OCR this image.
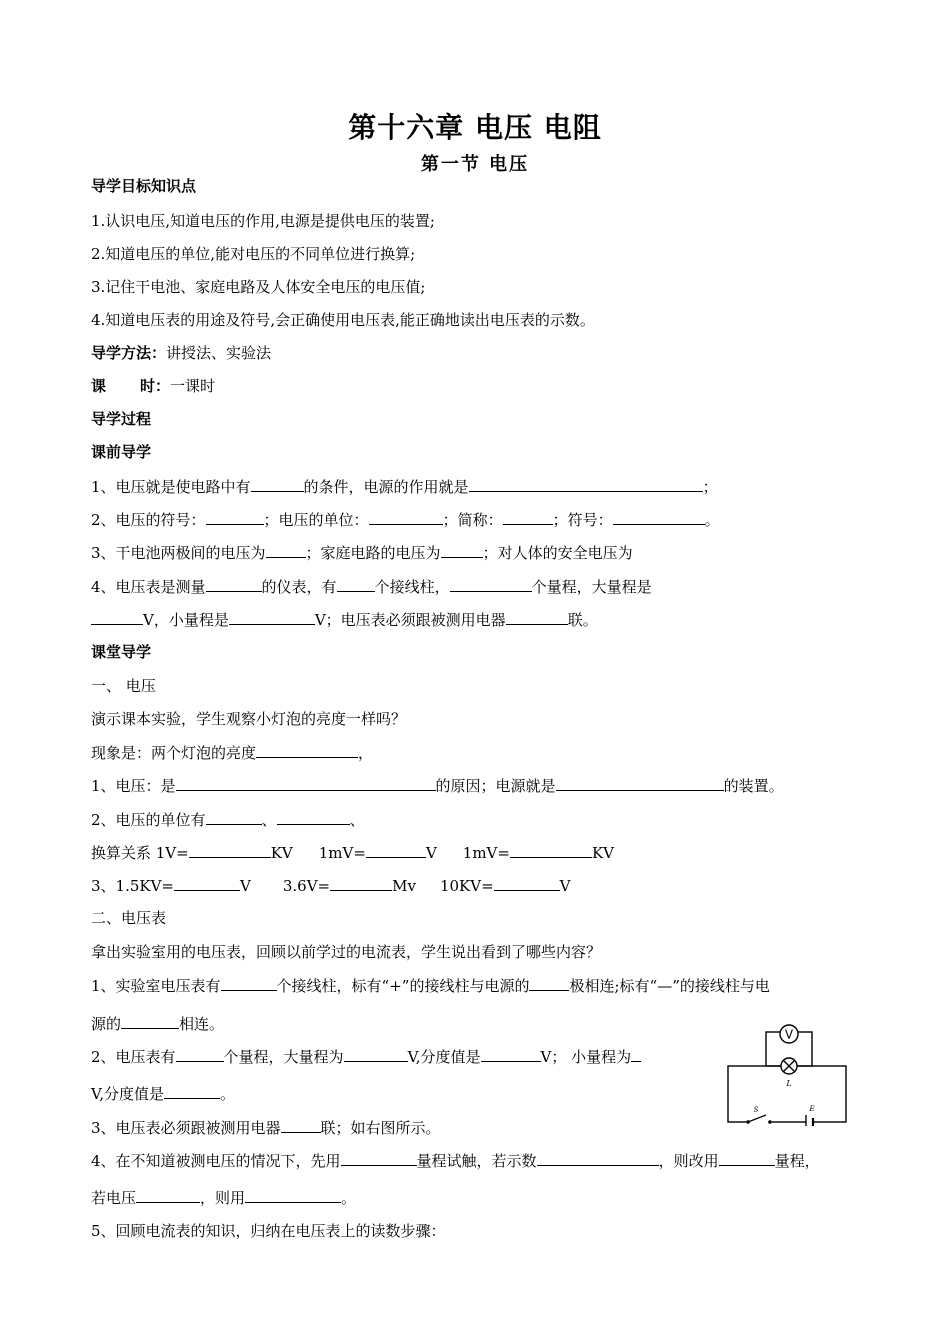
第十六章 电压 电阻
第一节 电压
导学目标知识点
1.认识电压,知道电压的作用,电源是提供电压的装置;
2.知道电压的单位,能对电压的不同单位进行换算;
3.记住干电池、家庭电路及人体安全电压的电压值;
4.知道电压表的用途及符号,会正确使用电压表,能正确地读出电压表的示数。
导学方法：讲授法、实验法
课 时：一课时
导学过程
课前导学
1、电压就是使电路中有	的条件，电源的作用就是	；
2、电压的符号：	；电压的单位：	；简称：	；符号：	。
3、干电池两极间的电压为	；家庭电路的电压为	；对人体的安全电压为
4、电压表是测量	的仪表，有	个接线柱，	个量程，大量程是
V，小量程是	V；电压表必须跟被测用电器	联。
课堂导学
一、 电压
演示课本实验，学生观察小灯泡的亮度一样吗？
现象是：两个灯泡的亮度	，
1、电压：是	的原因；电源就是	的装置。
2、电压的单位有	、	、
换算关系 1V=	KV 1mV=	V 1mV=	KV
3、1.5KV=	V 3.6V=	Mv 10KV=	V
二、电压表
拿出实验室用的电压表，回顾以前学过的电流表，学生说出看到了哪些内容？
1、实验室电压表有	个接线柱，标有“+”的接线柱与电源的	极相连;标有“—”的接线柱与电
源的	相连。
2、电压表有	个量程，大量程为	V,分度值是	V； 小量程为
V,分度值是	。
3、电压表必须跟被测用电器	联；如右图所示。
4、在不知道被测电压的情况下，先用	量程试触，若示数	，则改用	量程，
若电压	，则用	。
5、回顾电流表的知识，归纳在电压表上的读数步骤：
V
L
S	E
